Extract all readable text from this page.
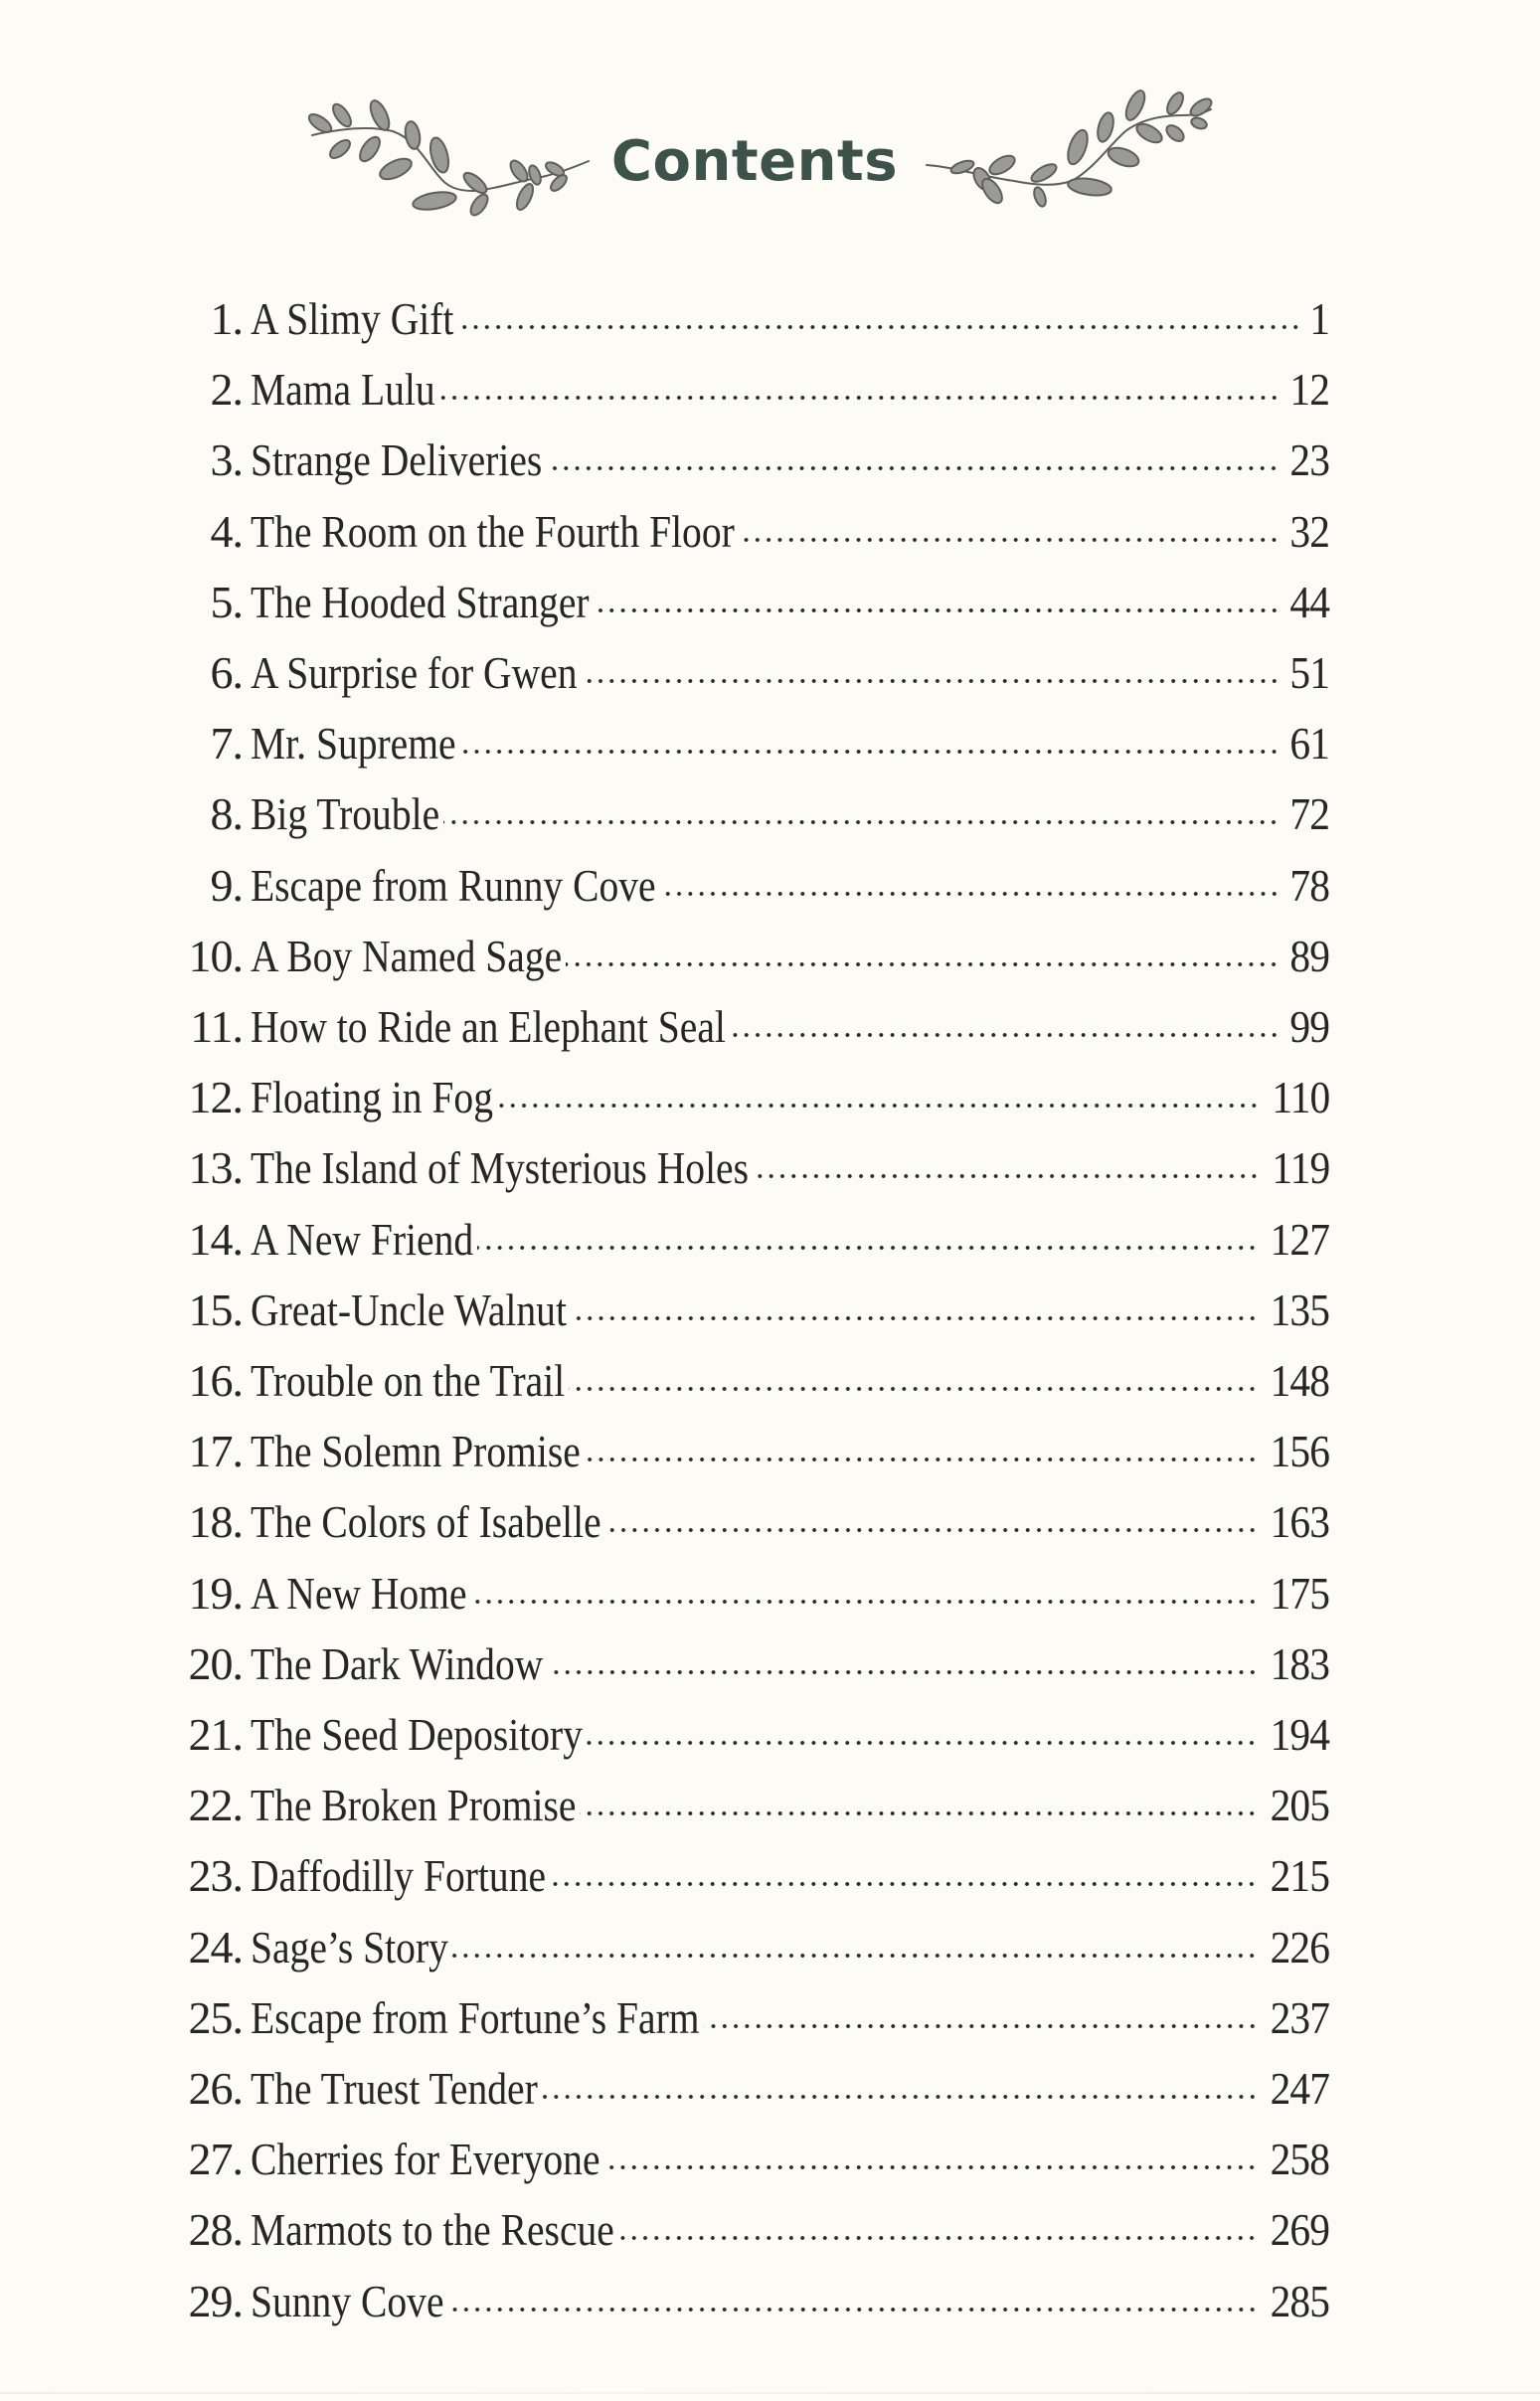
Contents
1. A Slimy Gift	1
2. Mama Lulu	12
3. Strange Deliveries	23
4. The Room on the Fourth Floor	32
5. The Hooded Stranger	44
6. A Surprise for Gwen	51
7. Mr. Supreme	61
8. Big Trouble	72
9. Escape from Runny Cove	78
10. A Boy Named Sage	89
11. How to Ride an Elephant Seal	99
12. Floating in Fog	110
13. The Island of Mysterious Holes	119
14. A New Friend	127
15. Great-Uncle Walnut	135
16. Trouble on the Trail	148
17. The Solemn Promise	156
18. The Colors of Isabelle	163
19. A New Home	175
20. The Dark Window	183
21. The Seed Depository	194
22. The Broken Promise	205
23. Daffodilly Fortune	215
24. Sage’s Story	226
25. Escape from Fortune’s Farm	237
26. The Truest Tender	247
27. Cherries for Everyone	258
28. Marmots to the Rescue	269
29. Sunny Cove	285
